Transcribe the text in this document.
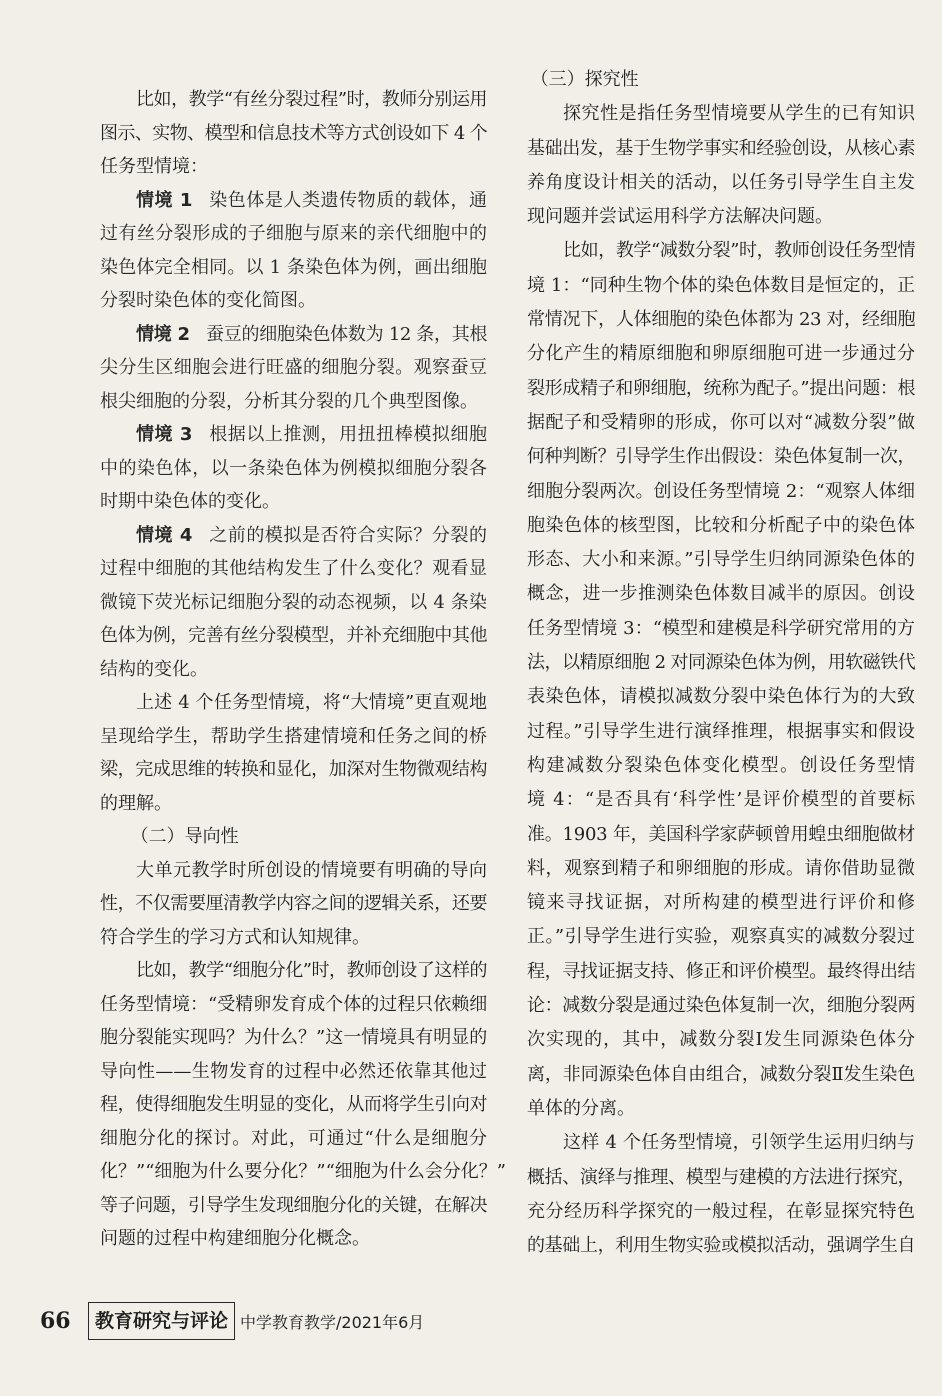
比如，教学“有丝分裂过程”时，教师分别运用
图示、实物、模型和信息技术等方式创设如下 4 个
任务型情境：
情境 1 染色体是人类遗传物质的载体，通
过有丝分裂形成的子细胞与原来的亲代细胞中的
染色体完全相同。以 1 条染色体为例，画出细胞
分裂时染色体的变化简图。
情境 2 蚕豆的细胞染色体数为 12 条，其根
尖分生区细胞会进行旺盛的细胞分裂。观察蚕豆
根尖细胞的分裂，分析其分裂的几个典型图像。
情境 3 根据以上推测，用扭扭棒模拟细胞
中的染色体，以一条染色体为例模拟细胞分裂各
时期中染色体的变化。
情境 4 之前的模拟是否符合实际？分裂的
过程中细胞的其他结构发生了什么变化？观看显
微镜下荧光标记细胞分裂的动态视频，以 4 条染
色体为例，完善有丝分裂模型，并补充细胞中其他
结构的变化。
上述 4 个任务型情境，将“大情境”更直观地
呈现给学生，帮助学生搭建情境和任务之间的桥
梁，完成思维的转换和显化，加深对生物微观结构
的理解。
（二）导向性
大单元教学时所创设的情境要有明确的导向
性，不仅需要厘清教学内容之间的逻辑关系，还要
符合学生的学习方式和认知规律。
比如，教学“细胞分化”时，教师创设了这样的
任务型情境：“受精卵发育成个体的过程只依赖细
胞分裂能实现吗？为什么？”这一情境具有明显的
导向性——生物发育的过程中必然还依靠其他过
程，使得细胞发生明显的变化，从而将学生引向对
细胞分化的探讨。对此，可通过“什么是细胞分
化？”“细胞为什么要分化？”“细胞为什么会分化？”
等子问题，引导学生发现细胞分化的关键，在解决
问题的过程中构建细胞分化概念。
（三）探究性
探究性是指任务型情境要从学生的已有知识
基础出发，基于生物学事实和经验创设，从核心素
养角度设计相关的活动，以任务引导学生自主发
现问题并尝试运用科学方法解决问题。
比如，教学“减数分裂”时，教师创设任务型情
境 1：“同种生物个体的染色体数目是恒定的，正
常情况下，人体细胞的染色体都为 23 对，经细胞
分化产生的精原细胞和卵原细胞可进一步通过分
裂形成精子和卵细胞，统称为配子。”提出问题：根
据配子和受精卵的形成，你可以对“减数分裂”做
何种判断？引导学生作出假设：染色体复制一次，
细胞分裂两次。创设任务型情境 2：“观察人体细
胞染色体的核型图，比较和分析配子中的染色体
形态、大小和来源。”引导学生归纳同源染色体的
概念，进一步推测染色体数目减半的原因。创设
任务型情境 3：“模型和建模是科学研究常用的方
法，以精原细胞 2 对同源染色体为例，用软磁铁代
表染色体，请模拟减数分裂中染色体行为的大致
过程。”引导学生进行演绎推理，根据事实和假设
构建减数分裂染色体变化模型。创设任务型情
境 4：“是否具有‘科学性’是评价模型的首要标
准。1903 年，美国科学家萨顿曾用蝗虫细胞做材
料，观察到精子和卵细胞的形成。请你借助显微
镜来寻找证据，对所构建的模型进行评价和修
正。”引导学生进行实验，观察真实的减数分裂过
程，寻找证据支持、修正和评价模型。最终得出结
论：减数分裂是通过染色体复制一次，细胞分裂两
次实现的，其中，减数分裂Ⅰ发生同源染色体分
离，非同源染色体自由组合，减数分裂Ⅱ发生染色
单体的分离。
这样 4 个任务型情境，引领学生运用归纳与
概括、演绎与推理、模型与建模的方法进行探究，
充分经历科学探究的一般过程，在彰显探究特色
的基础上，利用生物实验或模拟活动，强调学生自
66	教育研究与评论 中学教育教学/2021年6月
